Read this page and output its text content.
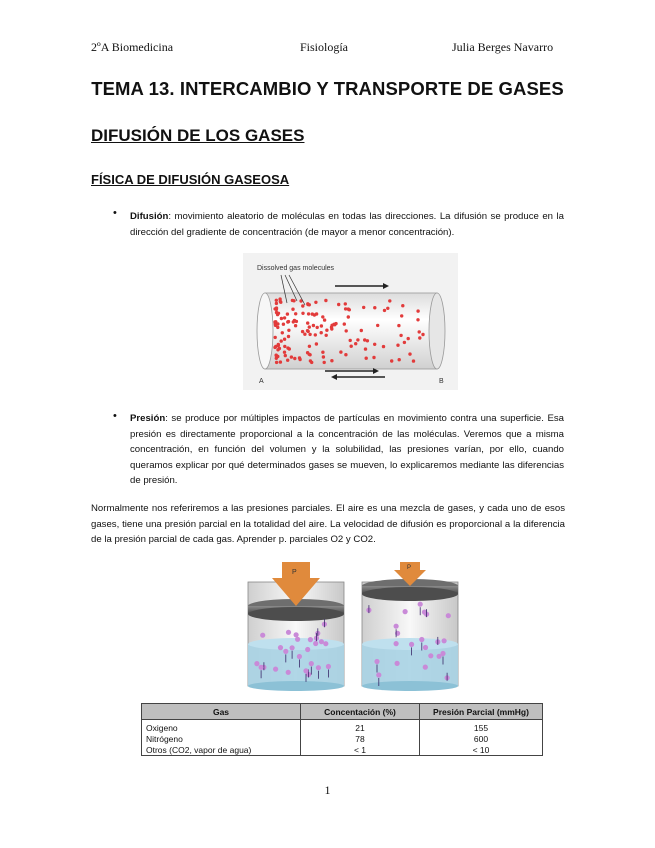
2ºA Biomedicina	Fisiología	Julia Berges Navarro
TEMA 13. INTERCAMBIO Y TRANSPORTE DE GASES
DIFUSIÓN DE LOS GASES
FÍSICA DE DIFUSIÓN GASEOSA
• Difusión: movimiento aleatorio de moléculas en todas las direcciones. La difusión se produce en la dirección del gradiente de concentración (de mayor a menor concentración).
Dissolved gas molecules
A	B
• Presión: se produce por múltiples impactos de partículas en movimiento contra una superficie. Esa presión es directamente proporcional a la concentración de las moléculas. Veremos que a misma concentración, en función del volumen y la solubilidad, las presiones varían, por ello, cuando queramos explicar por qué determinados gases se mueven, lo explicaremos mediante las diferencias de presión.
Normalmente nos referiremos a las presiones parciales. El aire es una mezcla de gases, y cada uno de esos gases, tiene una presión parcial en la totalidad del aire. La velocidad de difusión es proporcional a la diferencia de la presión parcial de cada gas. Aprender p. parciales O2 y CO2.
P
P
Gas	Concentación (%)	Presión Parcial (mmHg)
Oxigeno	21	155
Nitrógeno	78	600
Otros (CO2, vapor de agua)	< 1	< 10
1
